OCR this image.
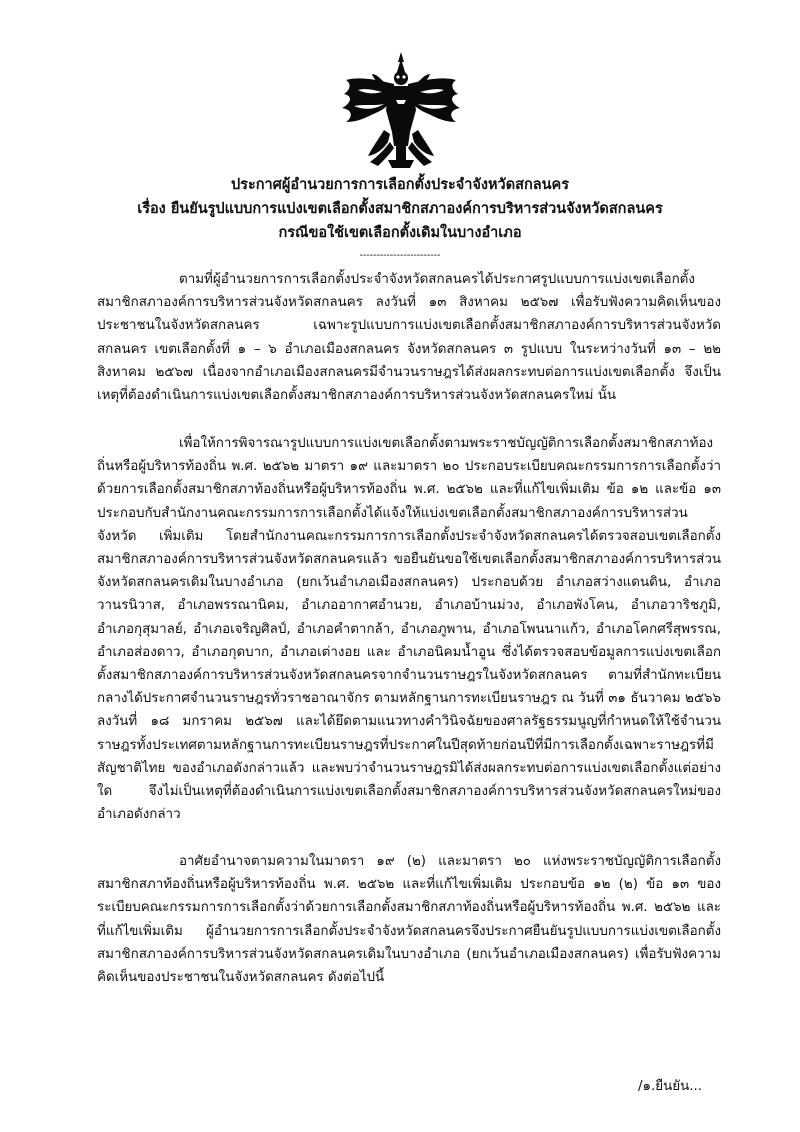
ประกาศผู้อำนวยการการเลือกตั้งประจำจังหวัดสกลนคร
เรื่อง ยืนยันรูปแบบการแบ่งเขตเลือกตั้งสมาชิกสภาองค์การบริหารส่วนจังหวัดสกลนคร
กรณีขอใช้เขตเลือกตั้งเดิมในบางอำเภอ
------------------------

ตามที่ผู้อำนวยการการเลือกตั้งประจำจังหวัดสกลนครได้ประกาศรูปแบบการแบ่งเขตเลือกตั้งสมาชิกสภาองค์การบริหารส่วนจังหวัดสกลนคร ลงวันที่ ๑๓ สิงหาคม ๒๕๖๗ เพื่อรับฟังความคิดเห็นของประชาชนในจังหวัดสกลนคร เฉพาะรูปแบบการแบ่งเขตเลือกตั้งสมาชิกสภาองค์การบริหารส่วนจังหวัดสกลนคร เขตเลือกตั้งที่ ๑ – ๖ อำเภอเมืองสกลนคร จังหวัดสกลนคร ๓ รูปแบบ ในระหว่างวันที่ ๑๓ – ๒๒ สิงหาคม ๒๕๖๗ เนื่องจากอำเภอเมืองสกลนครมีจำนวนราษฎรได้ส่งผลกระทบต่อการแบ่งเขตเลือกตั้ง จึงเป็นเหตุที่ต้องดำเนินการแบ่งเขตเลือกตั้งสมาชิกสภาองค์การบริหารส่วนจังหวัดสกลนครใหม่ นั้น

เพื่อให้การพิจารณารูปแบบการแบ่งเขตเลือกตั้งตามพระราชบัญญัติการเลือกตั้งสมาชิกสภาท้องถิ่นหรือผู้บริหารท้องถิ่น พ.ศ. ๒๕๖๒ มาตรา ๑๙ และมาตรา ๒๐ ประกอบระเบียบคณะกรรมการการเลือกตั้งว่าด้วยการเลือกตั้งสมาชิกสภาท้องถิ่นหรือผู้บริหารท้องถิ่น พ.ศ. ๒๕๖๒ และที่แก้ไขเพิ่มเติม ข้อ ๑๒ และข้อ ๑๓ ประกอบกับสำนักงานคณะกรรมการการเลือกตั้งได้แจ้งให้แบ่งเขตเลือกตั้งสมาชิกสภาองค์การบริหารส่วนจังหวัด เพิ่มเติม โดยสำนักงานคณะกรรมการการเลือกตั้งประจำจังหวัดสกลนครได้ตรวจสอบเขตเลือกตั้งสมาชิกสภาองค์การบริหารส่วนจังหวัดสกลนครแล้ว ขอยืนยันขอใช้เขตเลือกตั้งสมาชิกสภาองค์การบริหารส่วนจังหวัดสกลนครเดิมในบางอำเภอ (ยกเว้นอำเภอเมืองสกลนคร) ประกอบด้วย อำเภอสว่างแดนดิน, อำเภอวานรนิวาส, อำเภอพรรณานิคม, อำเภออากาศอำนวย, อำเภอบ้านม่วง, อำเภอพังโคน, อำเภอวาริชภูมิ, อำเภอกุสุมาลย์, อำเภอเจริญศิลป์, อำเภอคำตากล้า, อำเภอภูพาน, อำเภอโพนนาแก้ว, อำเภอโคกศรีสุพรรณ, อำเภอส่องดาว, อำเภอกุดบาก, อำเภอเต่างอย และ อำเภอนิคมน้ำอูน ซึ่งได้ตรวจสอบข้อมูลการแบ่งเขตเลือกตั้งสมาชิกสภาองค์การบริหารส่วนจังหวัดสกลนครจากจำนวนราษฎรในจังหวัดสกลนคร ตามที่สำนักทะเบียนกลางได้ประกาศจำนวนราษฎรทั่วราชอาณาจักร ตามหลักฐานการทะเบียนราษฎร ณ วันที่ ๓๑ ธันวาคม ๒๕๖๖ ลงวันที่ ๑๘ มกราคม ๒๕๖๗ และได้ยึดตามแนวทางคำวินิจฉัยของศาลรัฐธรรมนูญที่กำหนดให้ใช้จำนวนราษฎรทั้งประเทศตามหลักฐานการทะเบียนราษฎรที่ประกาศในปีสุดท้ายก่อนปีที่มีการเลือกตั้งเฉพาะราษฎรที่มีสัญชาติไทย ของอำเภอดังกล่าวแล้ว และพบว่าจำนวนราษฎรมิได้ส่งผลกระทบต่อการแบ่งเขตเลือกตั้งแต่อย่างใด จึงไม่เป็นเหตุที่ต้องดำเนินการแบ่งเขตเลือกตั้งสมาชิกสภาองค์การบริหารส่วนจังหวัดสกลนครใหม่ของอำเภอดังกล่าว

อาศัยอำนาจตามความในมาตรา ๑๙ (๒) และมาตรา ๒๐ แห่งพระราชบัญญัติการเลือกตั้งสมาชิกสภาท้องถิ่นหรือผู้บริหารท้องถิ่น พ.ศ. ๒๕๖๒ และที่แก้ไขเพิ่มเติม ประกอบข้อ ๑๒ (๒) ข้อ ๑๓ ของระเบียบคณะกรรมการการเลือกตั้งว่าด้วยการเลือกตั้งสมาชิกสภาท้องถิ่นหรือผู้บริหารท้องถิ่น พ.ศ. ๒๕๖๒ และที่แก้ไขเพิ่มเติม ผู้อำนวยการการเลือกตั้งประจำจังหวัดสกลนครจึงประกาศยืนยันรูปแบบการแบ่งเขตเลือกตั้งสมาชิกสภาองค์การบริหารส่วนจังหวัดสกลนครเดิมในบางอำเภอ (ยกเว้นอำเภอเมืองสกลนคร) เพื่อรับฟังความคิดเห็นของประชาชนในจังหวัดสกลนคร ดังต่อไปนี้

/๑.ยืนยัน...
